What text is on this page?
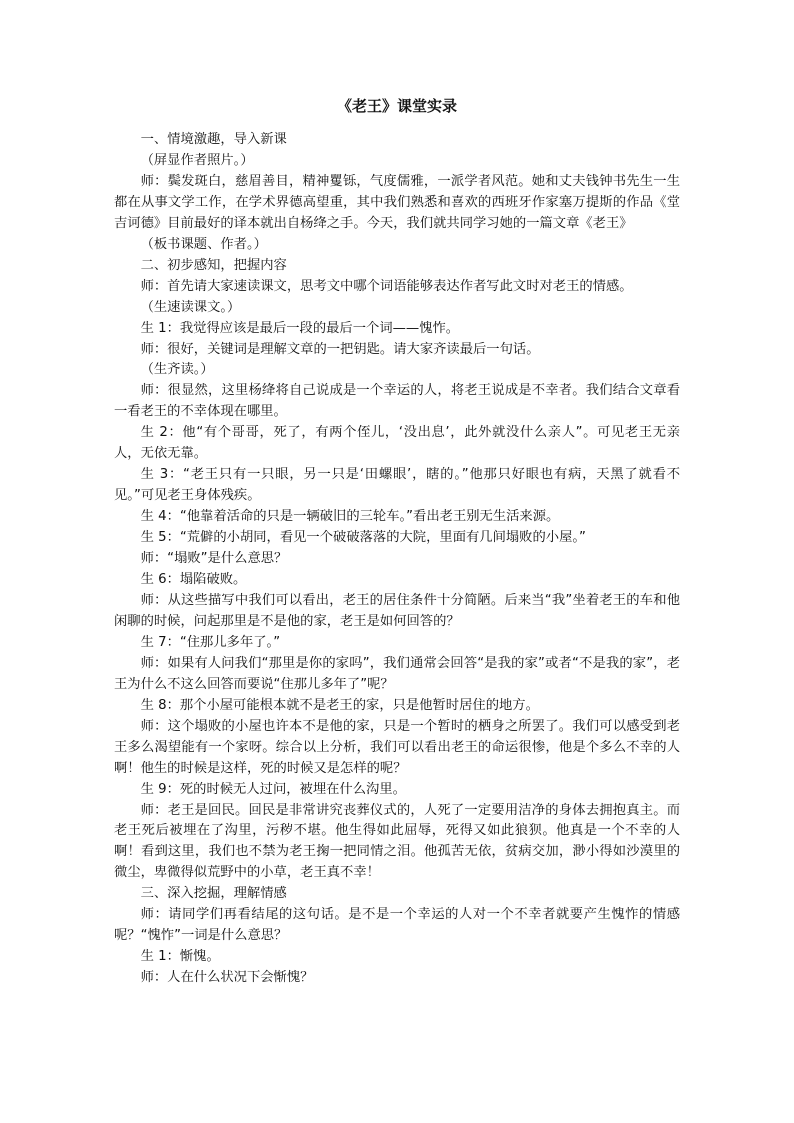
《老王》课堂实录

一、情境激趣，导入新课

（屏显作者照片。）

师：鬓发斑白，慈眉善目，精神矍铄，气度儒雅，一派学者风范。她和丈夫钱钟书先生一生都在从事文学工作，在学术界德高望重，其中我们熟悉和喜欢的西班牙作家塞万提斯的作品《堂吉诃德》目前最好的译本就出自杨绛之手。今天，我们就共同学习她的一篇文章《老王》

（板书课题、作者。）

二、初步感知，把握内容

师：首先请大家速读课文，思考文中哪个词语能够表达作者写此文时对老王的情感。

（生速读课文。）

生 1：我觉得应该是最后一段的最后一个词——愧怍。

师：很好，关键词是理解文章的一把钥匙。请大家齐读最后一句话。

（生齐读。）

师：很显然，这里杨绛将自己说成是一个幸运的人，将老王说成是不幸者。我们结合文章看一看老王的不幸体现在哪里。

生 2：他“有个哥哥，死了，有两个侄儿，‘没出息’，此外就没什么亲人”。可见老王无亲人，无依无靠。

生 3：“老王只有一只眼，另一只是‘田螺眼’，瞎的。”他那只好眼也有病，天黑了就看不见。”可见老王身体残疾。

生 4：“他靠着活命的只是一辆破旧的三轮车。”看出老王别无生活来源。

生 5：“荒僻的小胡同，看见一个破破落落的大院，里面有几间塌败的小屋。”

师：“塌败”是什么意思？

生 6：塌陷破败。

师：从这些描写中我们可以看出，老王的居住条件十分简陋。后来当“我”坐着老王的车和他闲聊的时候，问起那里是不是他的家，老王是如何回答的？

生 7：“住那儿多年了。”

师：如果有人问我们“那里是你的家吗”，我们通常会回答“是我的家”或者“不是我的家”，老王为什么不这么回答而要说“住那儿多年了”呢？

生 8：那个小屋可能根本就不是老王的家，只是他暂时居住的地方。

师：这个塌败的小屋也许本不是他的家，只是一个暂时的栖身之所罢了。我们可以感受到老王多么渴望能有一个家呀。综合以上分析，我们可以看出老王的命运很惨，他是个多么不幸的人啊！他生的时候是这样，死的时候又是怎样的呢？

生 9：死的时候无人过问，被埋在什么沟里。

师：老王是回民。回民是非常讲究丧葬仪式的，人死了一定要用洁净的身体去拥抱真主。而老王死后被埋在了沟里，污秽不堪。他生得如此屈辱，死得又如此狼狈。他真是一个不幸的人啊！看到这里，我们也不禁为老王掬一把同情之泪。他孤苦无依，贫病交加，渺小得如沙漠里的微尘，卑微得似荒野中的小草，老王真不幸！

三、深入挖掘，理解情感

师：请同学们再看结尾的这句话。是不是一个幸运的人对一个不幸者就要产生愧怍的情感呢？“愧怍”一词是什么意思？

生 1：惭愧。

师：人在什么状况下会惭愧？
